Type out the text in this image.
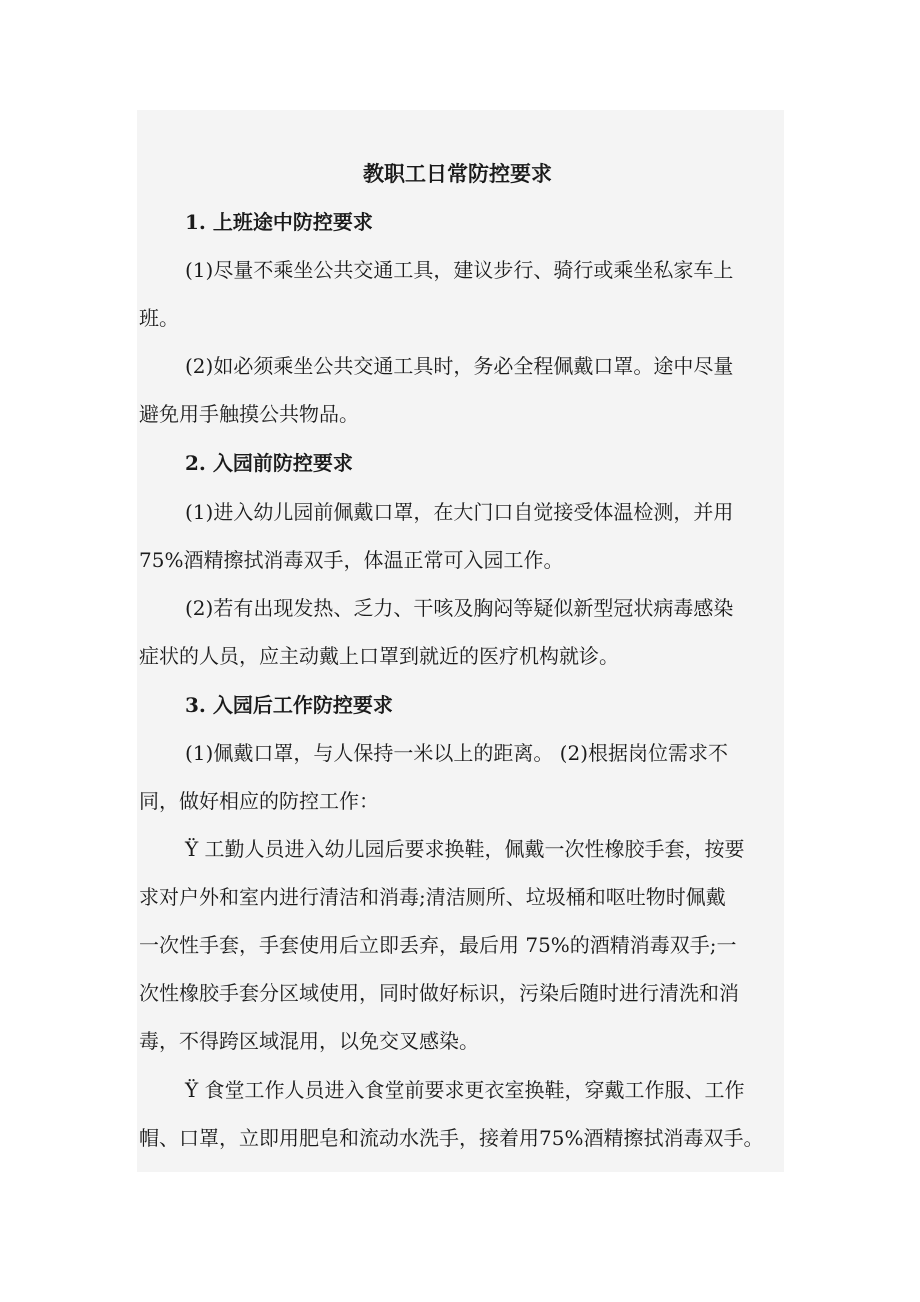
教职工日常防控要求

1. 上班途中防控要求

(1)尽量不乘坐公共交通工具，建议步行、骑行或乘坐私家车上

班。

(2)如必须乘坐公共交通工具时，务必全程佩戴口罩。途中尽量

避免用手触摸公共物品。

2. 入园前防控要求

(1)进入幼儿园前佩戴口罩，在大门口自觉接受体温检测，并用

75%酒精擦拭消毒双手，体温正常可入园工作。

(2)若有出现发热、乏力、干咳及胸闷等疑似新型冠状病毒感染

症状的人员，应主动戴上口罩到就近的医疗机构就诊。

3. 入园后工作防控要求

(1)佩戴口罩，与人保持一米以上的距离。 (2)根据岗位需求不

同，做好相应的防控工作：

Ÿ 工勤人员进入幼儿园后要求换鞋，佩戴一次性橡胶手套，按要

求对户外和室内进行清洁和消毒;清洁厕所、垃圾桶和呕吐物时佩戴

一次性手套，手套使用后立即丢弃，最后用 75%的酒精消毒双手;一

次性橡胶手套分区域使用，同时做好标识，污染后随时进行清洗和消

毒，不得跨区域混用，以免交叉感染。

Ÿ 食堂工作人员进入食堂前要求更衣室换鞋，穿戴工作服、工作

帽、口罩，立即用肥皂和流动水洗手，接着用75%酒精擦拭消毒双手。
